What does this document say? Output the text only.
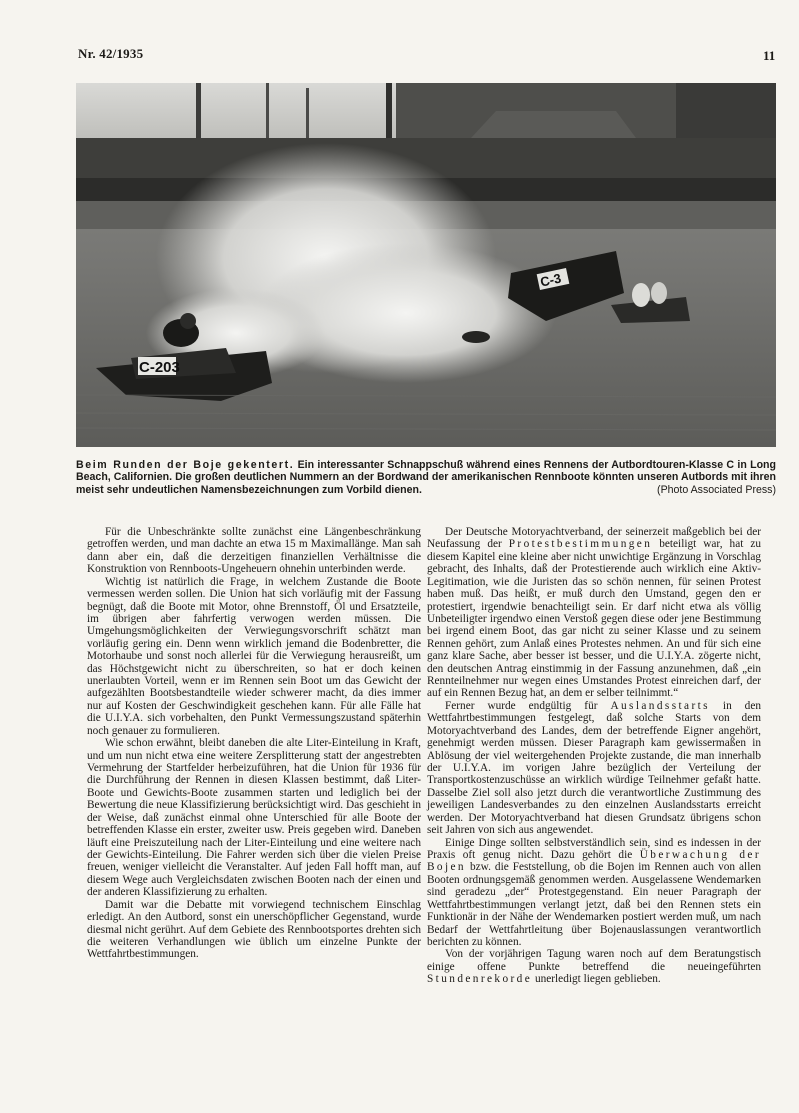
Nr. 42/1935	11
C-203
C-3
Beim Runden der Boje gekentert. Ein interessanter Schnappschuß während eines Rennens der Autbordtouren-Klasse C in Long Beach, Californien. Die großen deutlichen Nummern an der Bordwand der amerikanischen Rennboote könnten unseren Autbords mit ihren meist sehr undeutlichen Namensbezeichnungen zum Vorbild dienen.	(Photo Associated Press)

Für die Unbeschränkte sollte zunächst eine Längenbeschränkung getroffen werden, und man dachte an etwa 15 m Maximallänge. Man sah dann aber ein, daß die derzeitigen finanziellen Verhältnisse die Konstruktion von Rennboots-Ungeheuern ohnehin unterbinden werde.

Wichtig ist natürlich die Frage, in welchem Zustande die Boote vermessen werden sollen. Die Union hat sich vorläufig mit der Fassung begnügt, daß die Boote mit Motor, ohne Brennstoff, Öl und Ersatzteile, im übrigen aber fahrfertig verwogen werden müssen. Die Umgehungsmöglichkeiten der Verwiegungsvorschrift schätzt man vorläufig gering ein. Denn wenn wirklich jemand die Bodenbretter, die Motorhaube und sonst noch allerlei für die Verwiegung herausreißt, um das Höchstgewicht nicht zu überschreiten, so hat er doch keinen unerlaubten Vorteil, wenn er im Rennen sein Boot um das Gewicht der aufgezählten Bootsbestandteile wieder schwerer macht, da dies immer nur auf Kosten der Geschwindigkeit geschehen kann. Für alle Fälle hat die U.I.Y.A. sich vorbehalten, den Punkt Vermessungszustand späterhin noch genauer zu formulieren.

Wie schon erwähnt, bleibt daneben die alte Liter-Einteilung in Kraft, und um nun nicht etwa eine weitere Zersplitterung statt der angestrebten Vermehrung der Startfelder herbeizuführen, hat die Union für 1936 für die Durchführung der Rennen in diesen Klassen bestimmt, daß Liter-Boote und Gewichts-Boote zusammen starten und lediglich bei der Bewertung die neue Klassifizierung berücksichtigt wird. Das geschieht in der Weise, daß zunächst einmal ohne Unterschied für alle Boote der betreffenden Klasse ein erster, zweiter usw. Preis gegeben wird. Daneben läuft eine Preiszuteilung nach der Liter-Einteilung und eine weitere nach der Gewichts-Einteilung. Die Fahrer werden sich über die vielen Preise freuen, weniger vielleicht die Veranstalter. Auf jeden Fall hofft man, auf diesem Wege auch Vergleichsdaten zwischen Booten nach der einen und der anderen Klassifizierung zu erhalten.

Damit war die Debatte mit vorwiegend technischem Einschlag erledigt. An den Autbord, sonst ein unerschöpflicher Gegenstand, wurde diesmal nicht gerührt. Auf dem Gebiete des Rennbootsportes drehten sich die weiteren Verhandlungen wie üblich um einzelne Punkte der Wettfahrtbestimmungen.

Der Deutsche Motoryachtverband, der seinerzeit maßgeblich bei der Neufassung der Protestbestimmungen beteiligt war, hat zu diesem Kapitel eine kleine aber nicht unwichtige Ergänzung in Vorschlag gebracht, des Inhalts, daß der Protestierende auch wirklich eine Aktiv-Legitimation, wie die Juristen das so schön nennen, für seinen Protest haben muß. Das heißt, er muß durch den Umstand, gegen den er protestiert, irgendwie benachteiligt sein. Er darf nicht etwa als völlig Unbeteiligter irgendwo einen Verstoß gegen diese oder jene Bestimmung bei irgend einem Boot, das gar nicht zu seiner Klasse und zu seinem Rennen gehört, zum Anlaß eines Protestes nehmen. An und für sich eine ganz klare Sache, aber besser ist besser, und die U.I.Y.A. zögerte nicht, den deutschen Antrag einstimmig in der Fassung anzunehmen, daß „ein Rennteilnehmer nur wegen eines Umstandes Protest einreichen darf, der auf ein Rennen Bezug hat, an dem er selber teilnimmt.“

Ferner wurde endgültig für Auslandsstarts in den Wettfahrtbestimmungen festgelegt, daß solche Starts von dem Motoryachtverband des Landes, dem der betreffende Eigner angehört, genehmigt werden müssen. Dieser Paragraph kam gewissermaßen in Ablösung der viel weitergehenden Projekte zustande, die man innerhalb der U.I.Y.A. im vorigen Jahre bezüglich der Verteilung der Transportkostenzuschüsse an wirklich würdige Teilnehmer gefaßt hatte. Dasselbe Ziel soll also jetzt durch die verantwortliche Zustimmung des jeweiligen Landesverbandes zu den einzelnen Auslandsstarts erreicht werden. Der Motoryachtverband hat diesen Grundsatz übrigens schon seit Jahren von sich aus angewendet.

Einige Dinge sollten selbstverständlich sein, sind es indessen in der Praxis oft genug nicht. Dazu gehört die Überwachung der Bojen bzw. die Feststellung, ob die Bojen im Rennen auch von allen Booten ordnungsgemäß genommen werden. Ausgelassene Wendemarken sind geradezu „der“ Protestgegenstand. Ein neuer Paragraph der Wettfahrtbestimmungen verlangt jetzt, daß bei den Rennen stets ein Funktionär in der Nähe der Wendemarken postiert werden muß, um nach Bedarf der Wettfahrtleitung über Bojenauslassungen verantwortlich berichten zu können.

Von der vorjährigen Tagung waren noch auf dem Beratungstisch einige offene Punkte betreffend die neueingeführten Stundenrekorde unerledigt liegen geblieben.
